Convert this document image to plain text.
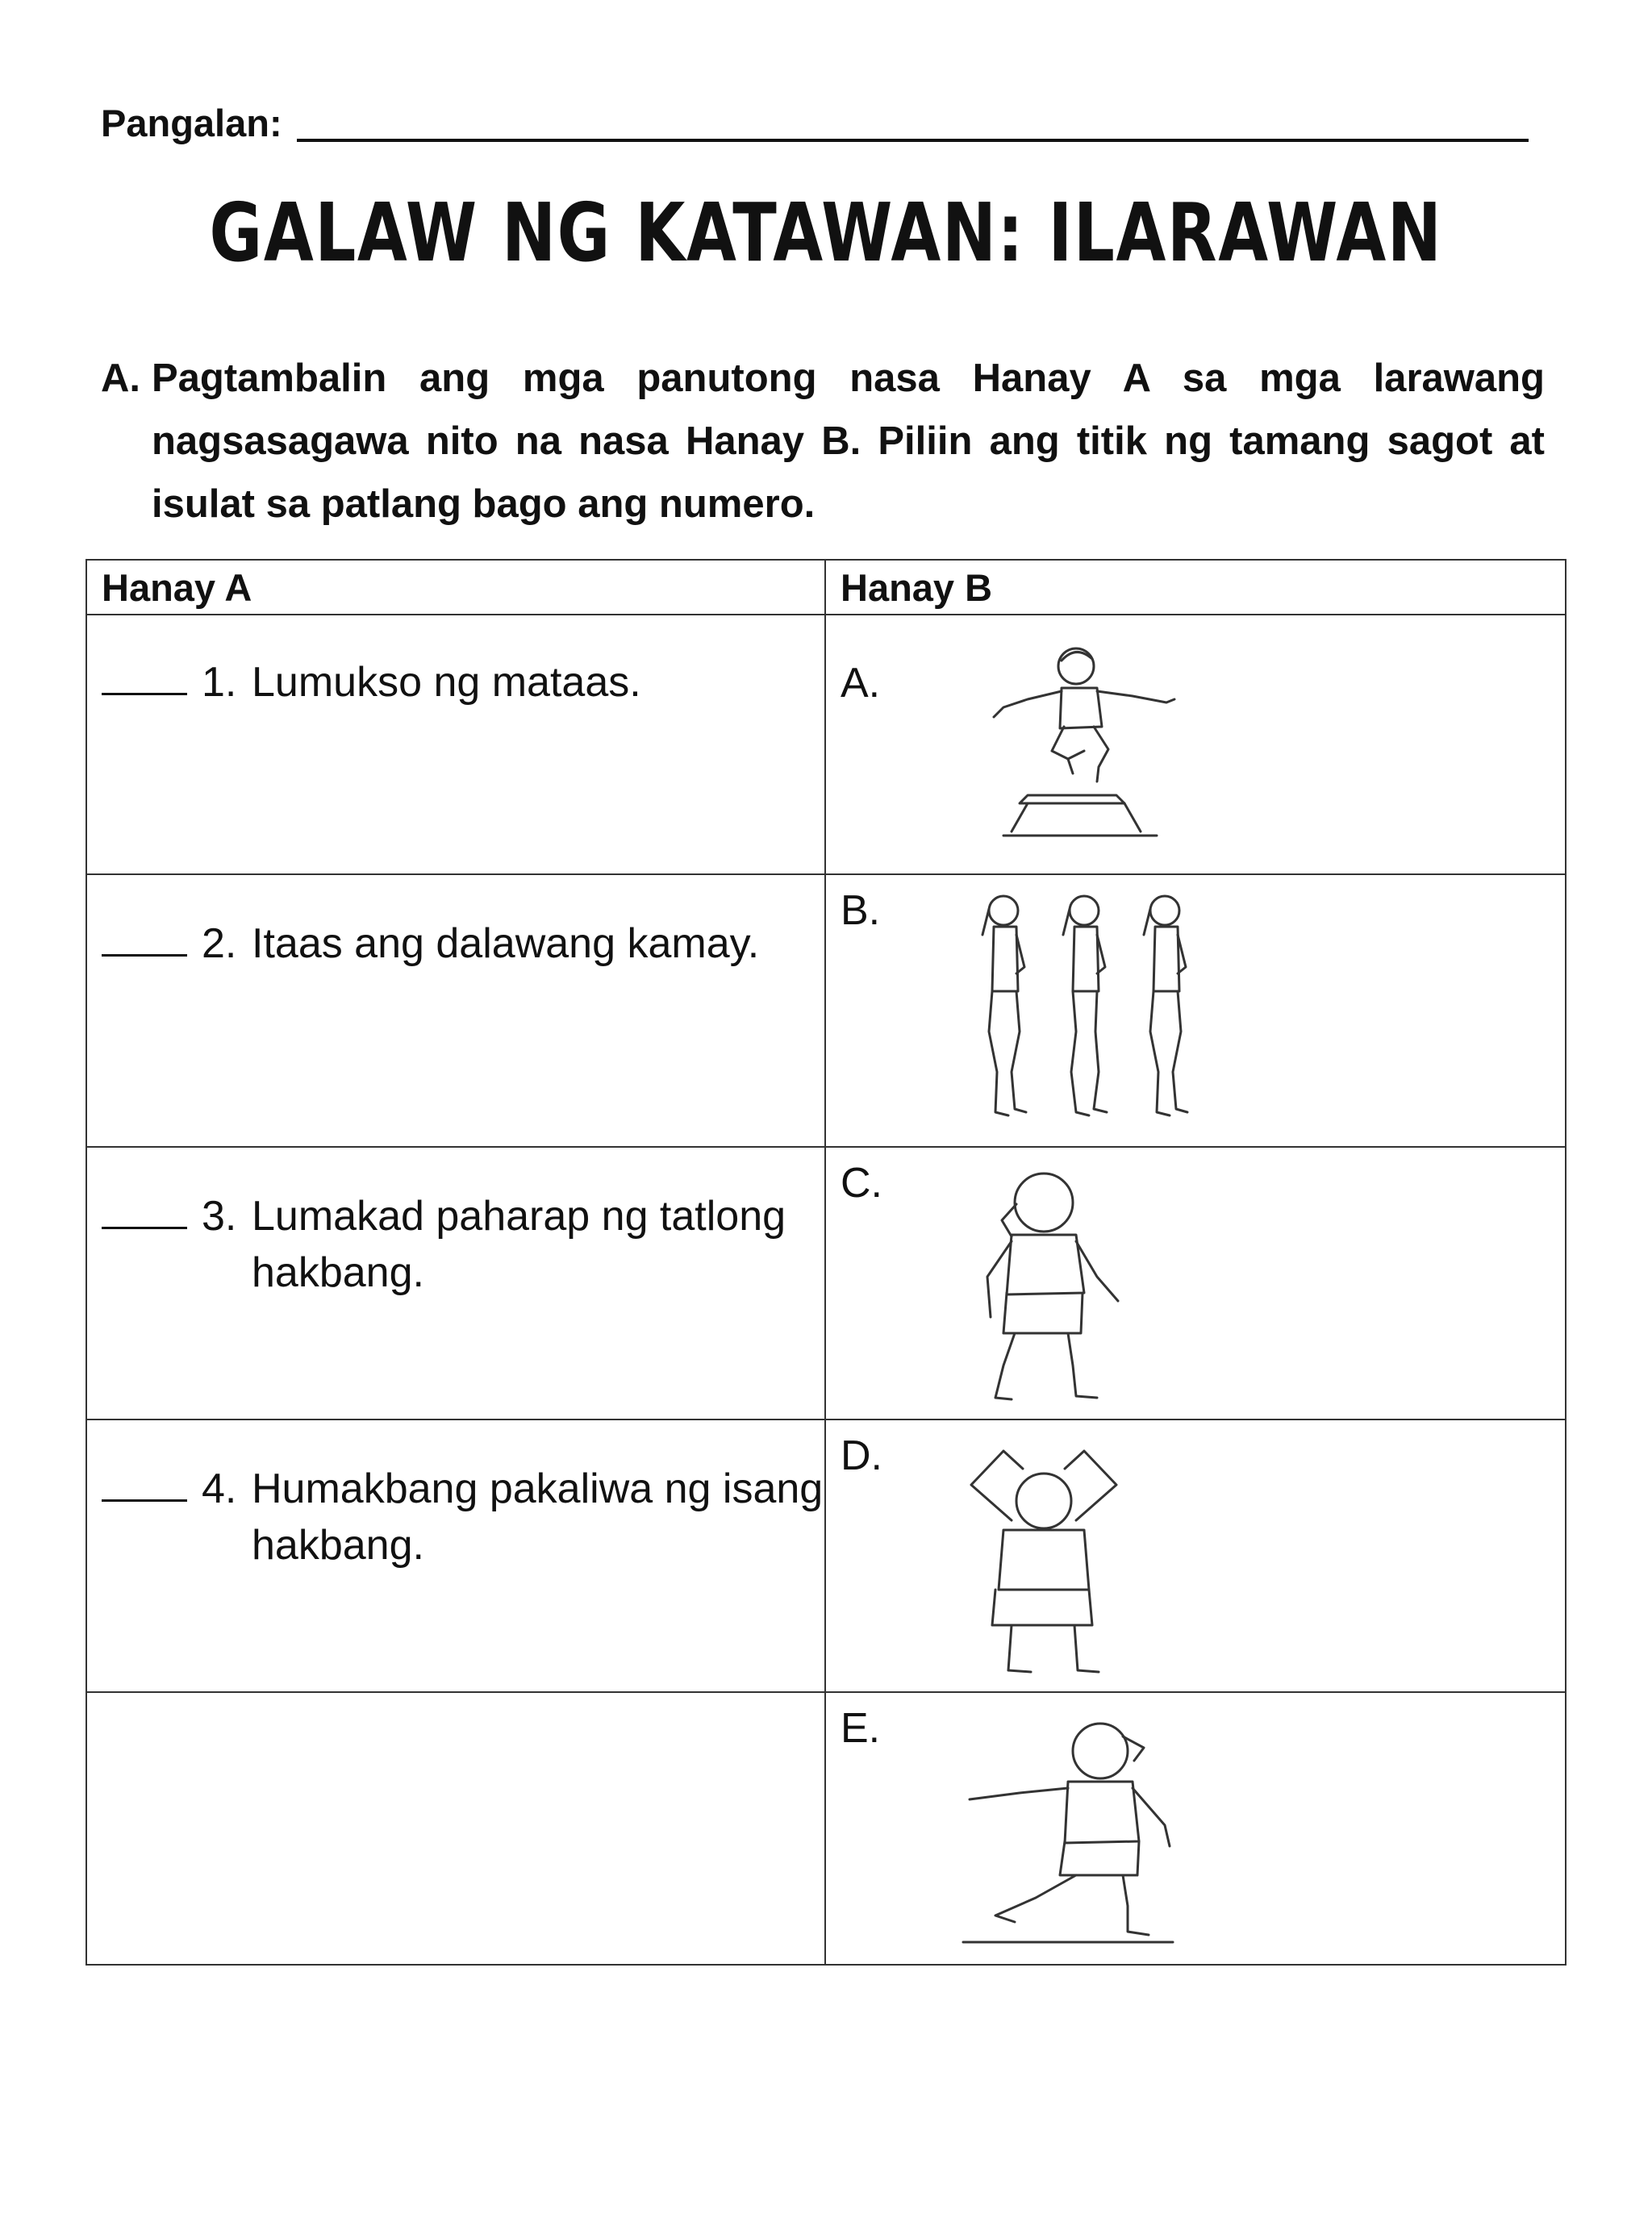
Pangalan:
GALAW NG KATAWAN: ILARAWAN
A. Pagtambalin ang mga panutong nasa Hanay A sa mga larawang nagsasagawa nito na nasa Hanay B. Piliin ang titik ng tamang sagot at isulat sa patlang bago ang numero.
Hanay A	Hanay B

1. Lumukso ng mataas.	A.

2. Itaas ang dalawang kamay.	B.

3. Lumakad paharap ng tatlong hakbang.	C.

4. Humakbang pakaliwa ng isang hakbang.	D.

	E.
